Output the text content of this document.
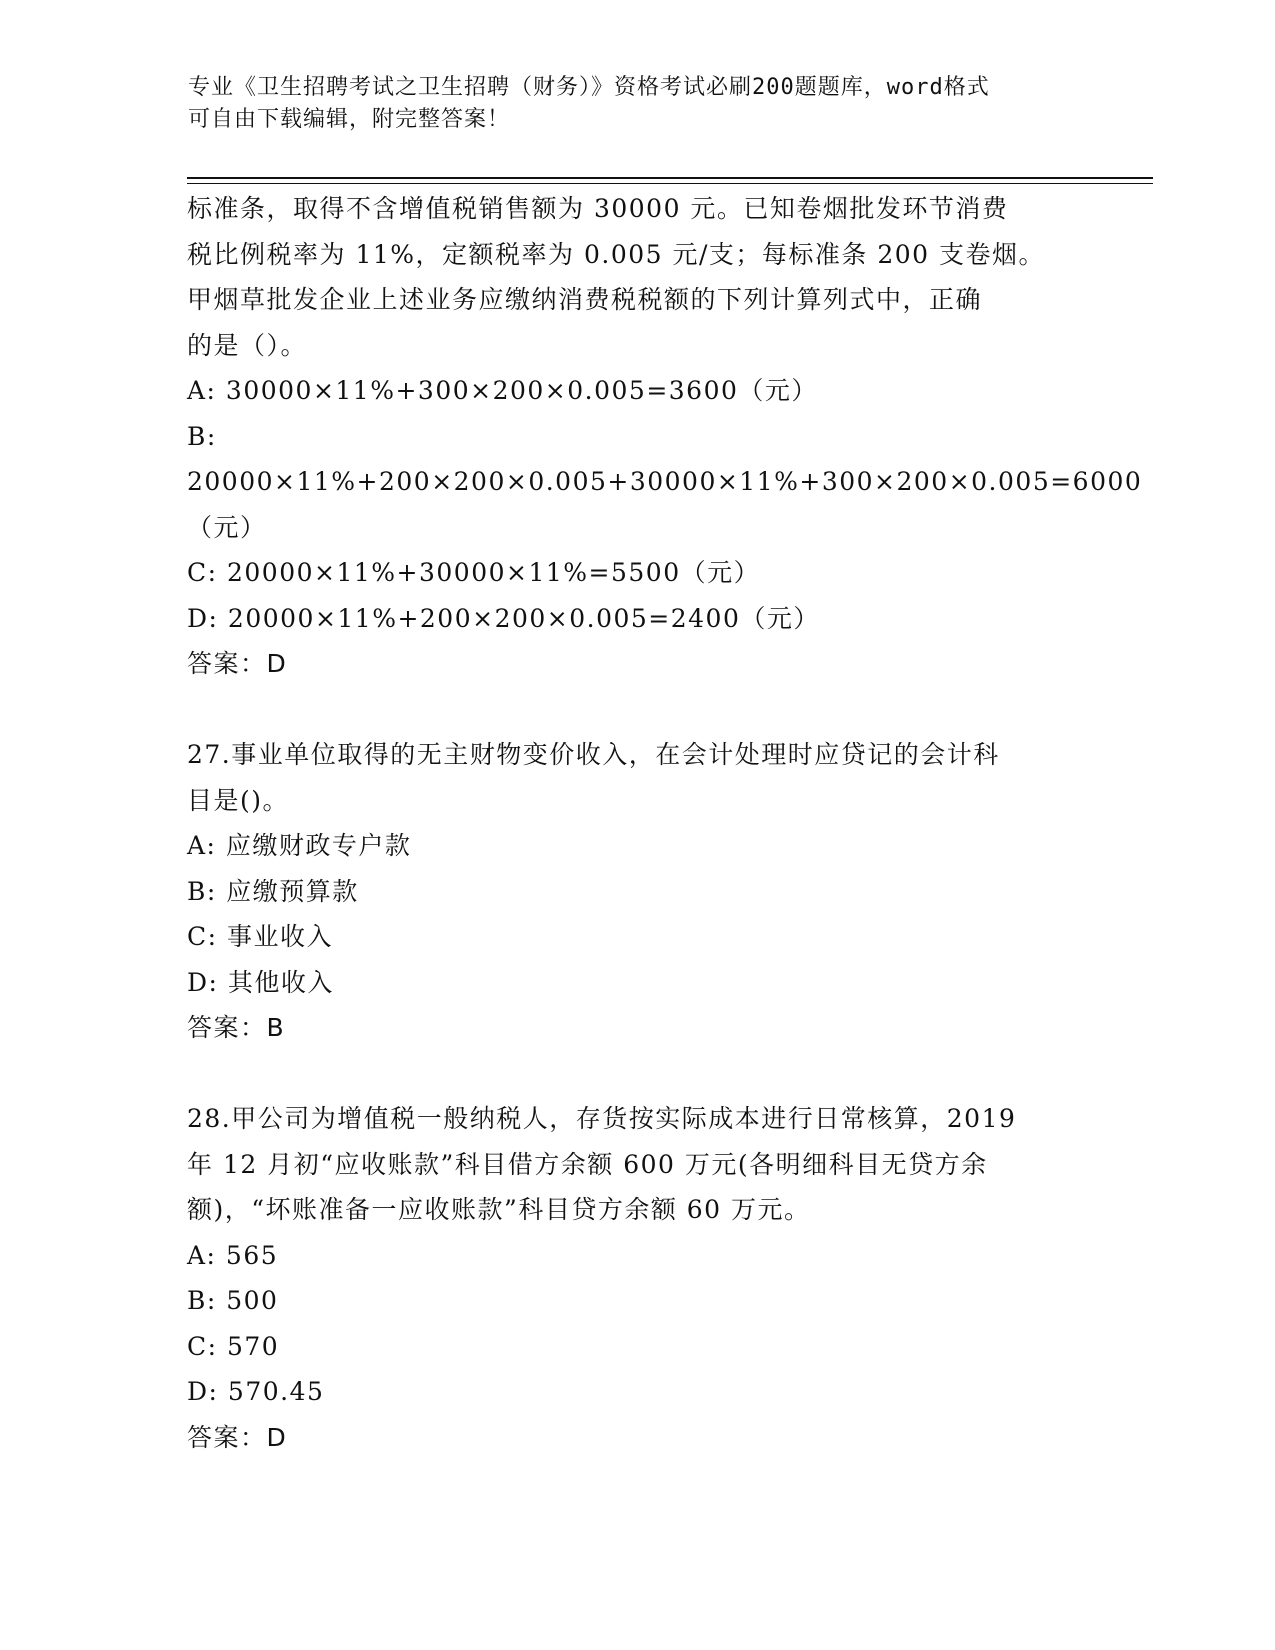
专业《卫生招聘考试之卫生招聘（财务）》资格考试必刷200题题库，word格式
可自由下载编辑，附完整答案！

标准条，取得不含增值税销售额为 30000 元。已知卷烟批发环节消费

税比例税率为 11%，定额税率为 0.005 元/支；每标准条 200 支卷烟。

甲烟草批发企业上述业务应缴纳消费税税额的下列计算列式中，正确

的是（）。

A: 30000×11%+300×200×0.005=3600（元）

B: 20000×11%+200×200×0.005+30000×11%+300×200×0.005=6000

（元）

C: 20000×11%+30000×11%=5500（元）

D: 20000×11%+200×200×0.005=2400（元）

答案：D

27.事业单位取得的无主财物变价收入，在会计处理时应贷记的会计科

目是()。

A: 应缴财政专户款

B: 应缴预算款

C: 事业收入

D: 其他收入

答案：B

28.甲公司为增值税一般纳税人，存货按实际成本进行日常核算，2019

年 12 月初“应收账款”科目借方余额 600 万元(各明细科目无贷方余

额)，“坏账准备一应收账款”科目贷方余额 60 万元。

A: 565

B: 500

C: 570

D: 570.45

答案：D
